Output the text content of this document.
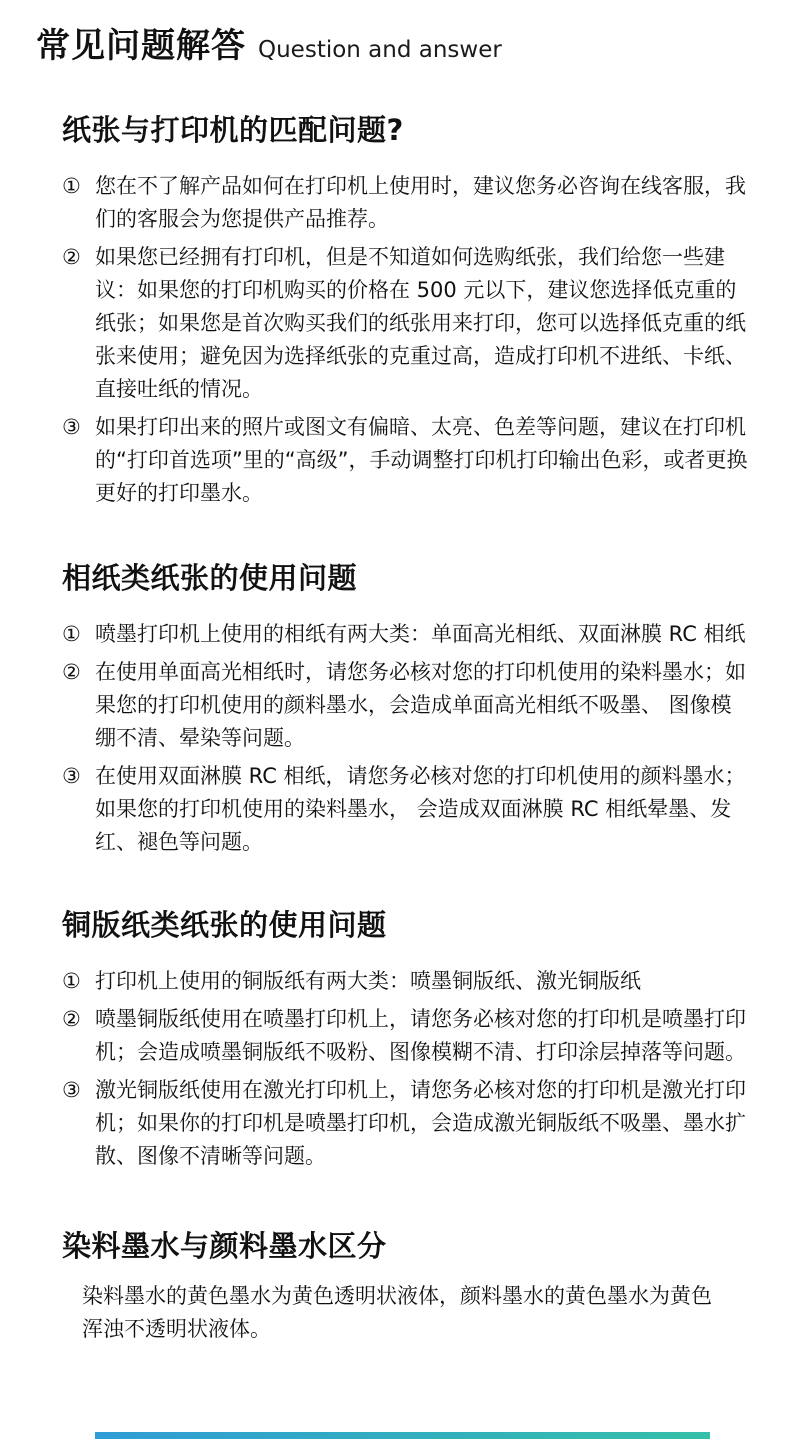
常见问题解答 Question and answer
纸张与打印机的匹配问题?
① 您在不了解产品如何在打印机上使用时，建议您务必咨询在线客服，我们的客服会为您提供产品推荐。

② 如果您已经拥有打印机，但是不知道如何选购纸张，我们给您一些建议：如果您的打印机购买的价格在 500 元以下，建议您选择低克重的纸张；如果您是首次购买我们的纸张用来打印，您可以选择低克重的纸张来使用；避免因为选择纸张的克重过高，造成打印机不进纸、卡纸、直接吐纸的情况。

③ 如果打印出来的照片或图文有偏暗、太亮、色差等问题，建议在打印机的“打印首选项”里的“高级”，手动调整打印机打印输出色彩，或者更换更好的打印墨水。

相纸类纸张的使用问题
① 喷墨打印机上使用的相纸有两大类：单面高光相纸、双面淋膜 RC 相纸

② 在使用单面高光相纸时，请您务必核对您的打印机使用的染料墨水；如果您的打印机使用的颜料墨水，会造成单面高光相纸不吸墨、 图像模绷不清、晕染等问题。

③ 在使用双面淋膜 RC 相纸，请您务必核对您的打印机使用的颜料墨水；如果您的打印机使用的染料墨水， 会造成双面淋膜 RC 相纸晕墨、发红、褪色等问题。

铜版纸类纸张的使用问题
① 打印机上使用的铜版纸有两大类：喷墨铜版纸、激光铜版纸

② 喷墨铜版纸使用在喷墨打印机上，请您务必核对您的打印机是喷墨打印机；会造成喷墨铜版纸不吸粉、图像模糊不清、打印涂层掉落等问题。

③ 激光铜版纸使用在激光打印机上，请您务必核对您的打印机是激光打印机；如果你的打印机是喷墨打印机，会造成激光铜版纸不吸墨、墨水扩散、图像不清晰等问题。

染料墨水与颜料墨水区分

染料墨水的黄色墨水为黄色透明状液体，颜料墨水的黄色墨水为黄色浑浊不透明状液体。
